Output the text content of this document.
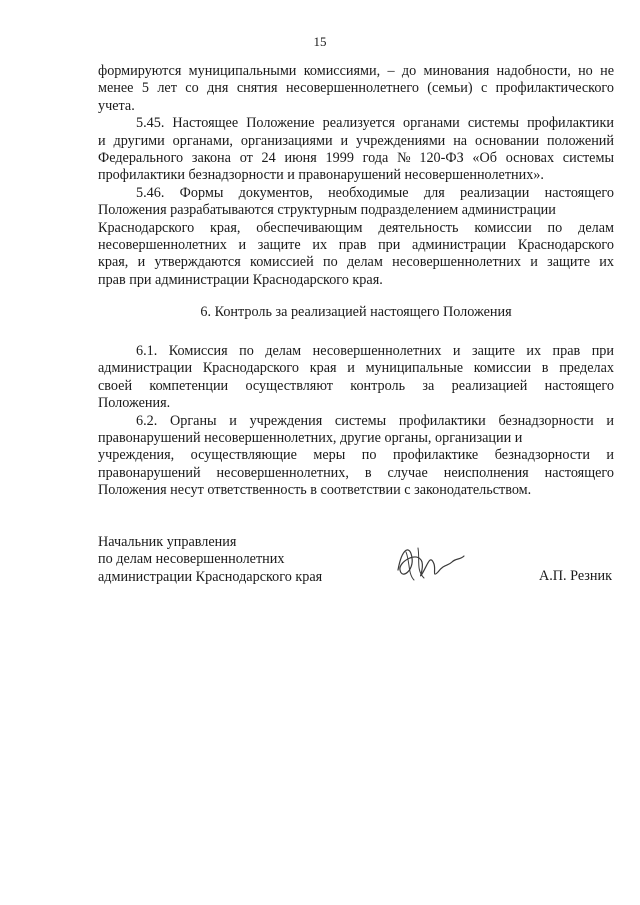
15

формируются муниципальными комиссиями, – до минования надобности, но не
менее 5 лет со дня снятия несовершеннолетнего (семьи) с профилактического
учета.

5.45. Настоящее Положение реализуется органами системы профилактики
и другими органами, организациями и учреждениями на основании положений
Федерального закона от 24 июня 1999 года № 120-ФЗ «Об основах системы
профилактики безнадзорности и правонарушений несовершеннолетних».

5.46. Формы документов, необходимые для реализации настоящего
Положения разрабатываются структурным подразделением администрации
Краснодарского края, обеспечивающим деятельность комиссии по делам
несовершеннолетних и защите их прав при администрации Краснодарского
края, и утверждаются комиссией по делам несовершеннолетних и защите их
прав при администрации Краснодарского края.

6. Контроль за реализацией настоящего Положения

6.1. Комиссия по делам несовершеннолетних и защите их прав при
администрации Краснодарского края и муниципальные комиссии в пределах
своей компетенции осуществляют контроль за реализацией настоящего
Положения.

6.2. Органы и учреждения системы профилактики безнадзорности и
правонарушений несовершеннолетних, другие органы, организации и
учреждения, осуществляющие меры по профилактике безнадзорности и
правонарушений несовершеннолетних, в случае неисполнения настоящего
Положения несут ответственность в соответствии с законодательством.

Начальник управления
по делам несовершеннолетних
администрации Краснодарского края	А.П. Резник
